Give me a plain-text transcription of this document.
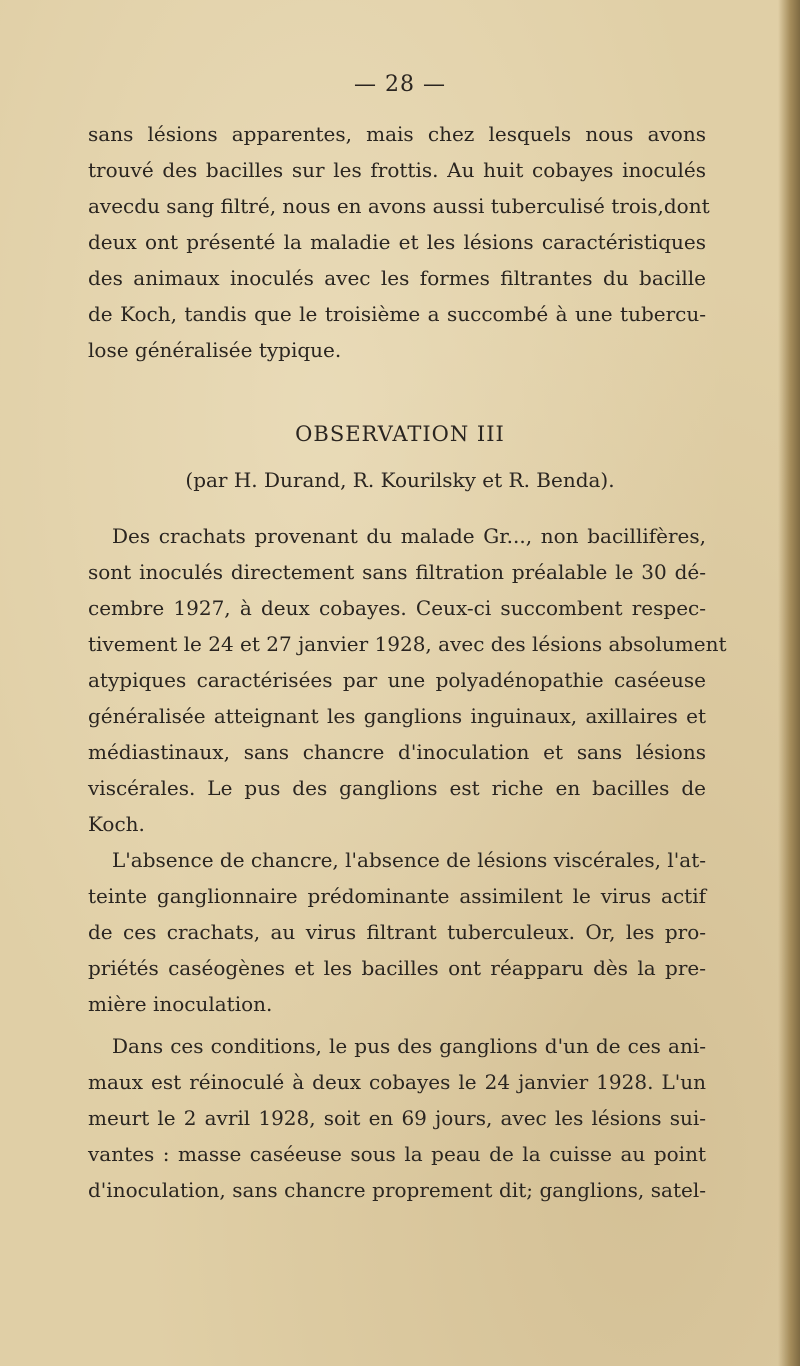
— 28 —
sans lésions apparentes, mais chez lesquels nous avons
trouvé des bacilles sur les frottis. Au huit cobayes inoculés
avecdu sang filtré, nous en avons aussi tuberculisé trois,dont
deux ont présenté la maladie et les lésions caractéristiques
des animaux inoculés avec les formes filtrantes du bacille
de Koch, tandis que le troisième a succombé à une tubercu-
lose généralisée typique.
OBSERVATION III
(par H. Durand, R. Kourilsky et R. Benda).
Des crachats provenant du malade Gr..., non bacillifères,
sont inoculés directement sans filtration préalable le 30 dé-
cembre 1927, à deux cobayes. Ceux-ci succombent respec-
tivement le 24 et 27 janvier 1928, avec des lésions absolument
atypiques caractérisées par une polyadénopathie caséeuse
généralisée atteignant les ganglions inguinaux, axillaires et
médiastinaux, sans chancre d'inoculation et sans lésions
viscérales. Le pus des ganglions est riche en bacilles de
Koch.
L'absence de chancre, l'absence de lésions viscérales, l'at-
teinte ganglionnaire prédominante assimilent le virus actif
de ces crachats, au virus filtrant tuberculeux. Or, les pro-
priétés caséogènes et les bacilles ont réapparu dès la pre-
mière inoculation.
Dans ces conditions, le pus des ganglions d'un de ces ani-
maux est réinoculé à deux cobayes le 24 janvier 1928. L'un
meurt le 2 avril 1928, soit en 69 jours, avec les lésions sui-
vantes : masse caséeuse sous la peau de la cuisse au point
d'inoculation, sans chancre proprement dit; ganglions, satel-
